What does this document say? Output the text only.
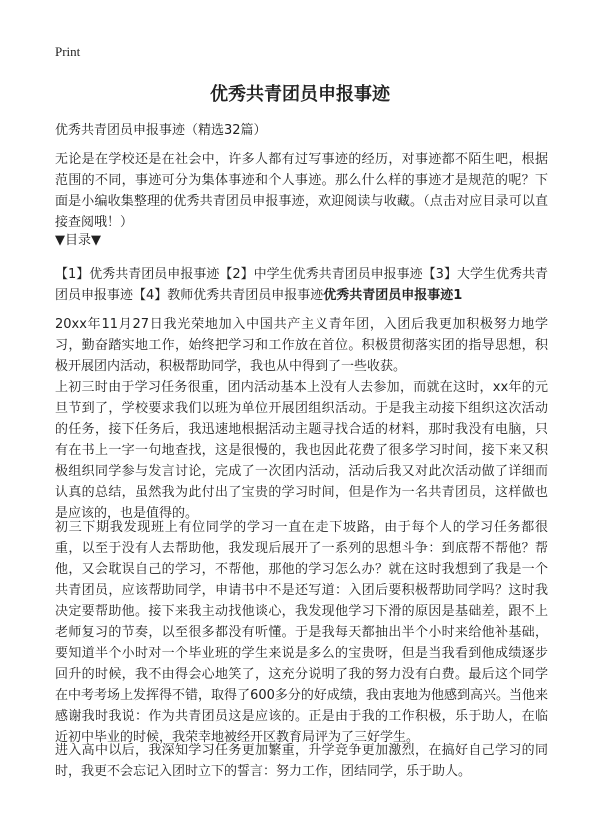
Print
优秀共青团员申报事迹
优秀共青团员申报事迹（精选32篇）
无论是在学校还是在社会中，许多人都有过写事迹的经历，对事迹都不陌生吧，根据范围的不同，事迹可分为集体事迹和个人事迹。那么什么样的事迹才是规范的呢？下面是小编收集整理的优秀共青团员申报事迹，欢迎阅读与收藏。（点击对应目录可以直接查阅哦！）
▼目录▼
【1】优秀共青团员申报事迹【2】中学生优秀共青团员申报事迹【3】大学生优秀共青团员申报事迹【4】教师优秀共青团员申报事迹优秀共青团员申报事迹1
20xx年11月27日我光荣地加入中国共产主义青年团，入团后我更加积极努力地学习，勤奋踏实地工作，始终把学习和工作放在首位。积极贯彻落实团的指导思想，积极开展团内活动，积极帮助同学，我也从中得到了一些收获。
上初三时由于学习任务很重，团内活动基本上没有人去参加，而就在这时，xx年的元旦节到了，学校要求我们以班为单位开展团组织活动。于是我主动接下组织这次活动的任务，接下任务后，我迅速地根据活动主题寻找合适的材料，那时我没有电脑，只有在书上一字一句地查找，这是很慢的，我也因此花费了很多学习时间，接下来又积极组织同学参与发言讨论，完成了一次团内活动，活动后我又对此次活动做了详细而认真的总结，虽然我为此付出了宝贵的学习时间，但是作为一名共青团员，这样做也是应该的，也是值得的。
初三下期我发现班上有位同学的学习一直在走下坡路，由于每个人的学习任务都很重，以至于没有人去帮助他，我发现后展开了一系列的思想斗争：到底帮不帮他？帮他，又会耽误自己的学习，不帮他，那他的学习怎么办？就在这时我想到了我是一个共青团员，应该帮助同学，申请书中不是还写道：入团后要积极帮助同学吗？这时我决定要帮助他。接下来我主动找他谈心，我发现他学习下滑的原因是基础差，跟不上老师复习的节奏，以至很多都没有听懂。于是我每天都抽出半个小时来给他补基础，要知道半个小时对一个毕业班的学生来说是多么的宝贵呀，但是当我看到他成绩逐步回升的时候，我不由得会心地笑了，这充分说明了我的努力没有白费。最后这个同学在中考考场上发挥得不错，取得了600多分的好成绩，我由衷地为他感到高兴。当他来感谢我时我说：作为共青团员这是应该的。正是由于我的工作积极，乐于助人，在临近初中毕业的时候，我荣幸地被经开区教育局评为了三好学生。
进入高中以后，我深知学习任务更加繁重，升学竞争更加激烈，在搞好自己学习的同时，我更不会忘记入团时立下的誓言：努力工作，团结同学，乐于助人。
